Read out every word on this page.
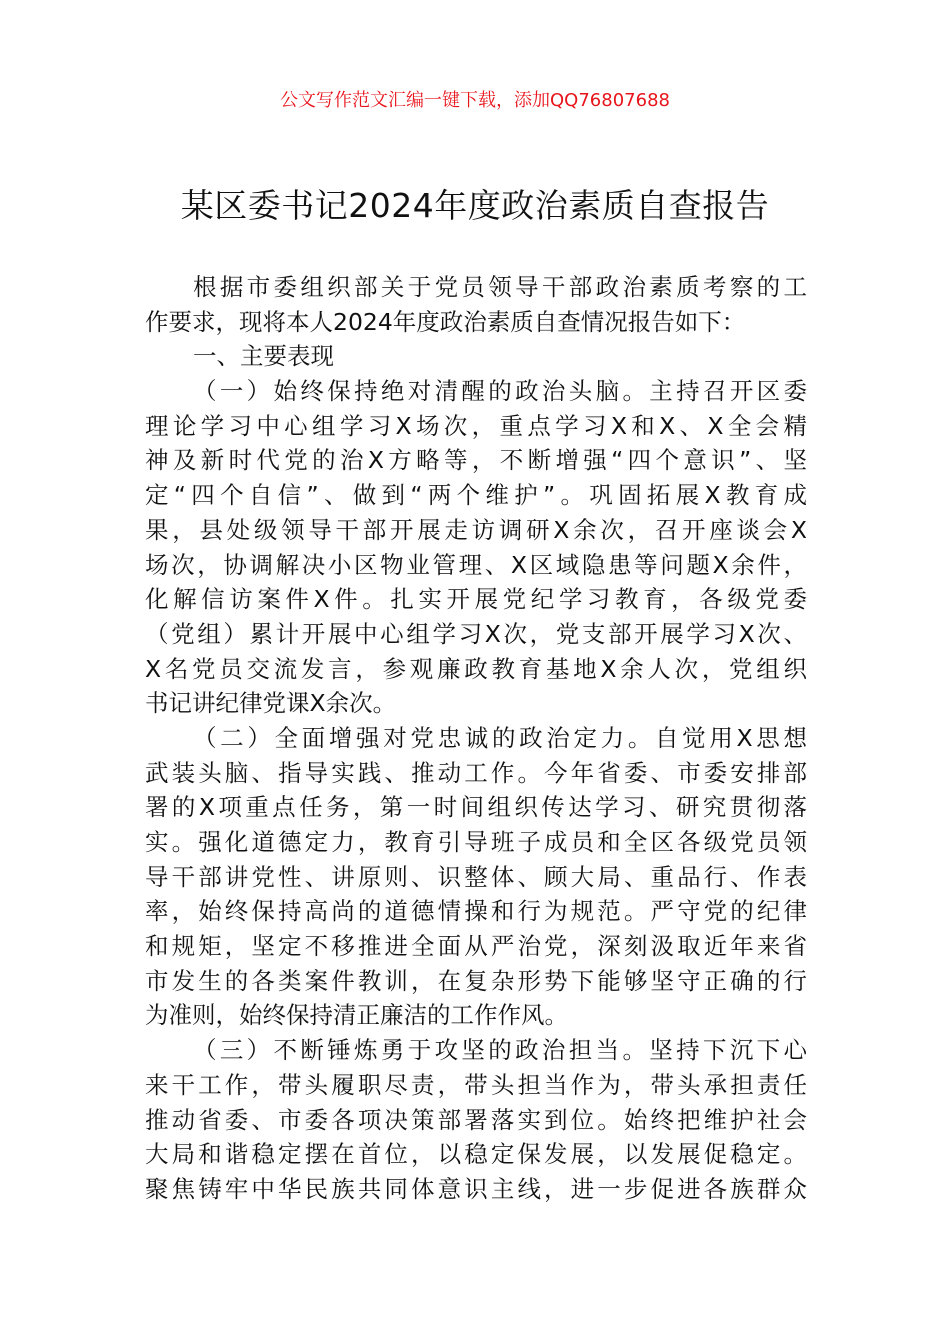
公文写作范文汇编一键下载，添加QQ76807688
某区委书记2024年度政治素质自查报告
根据市委组织部关于党员领导干部政治素质考察的工
作要求，现将本人2024年度政治素质自查情况报告如下：
一、主要表现
（一）始终保持绝对清醒的政治头脑。主持召开区委
理论学习中心组学习X场次，重点学习X和X、X全会精
神及新时代党的治X方略等，不断增强“四个意识”、坚
定“四个自信”、做到“两个维护”。巩固拓展X教育成
果，县处级领导干部开展走访调研X余次，召开座谈会X
场次，协调解决小区物业管理、X区域隐患等问题X余件，
化解信访案件X件。扎实开展党纪学习教育，各级党委
（党组）累计开展中心组学习X次，党支部开展学习X次、
X名党员交流发言，参观廉政教育基地X余人次，党组织
书记讲纪律党课X余次。
（二）全面增强对党忠诚的政治定力。自觉用X思想
武装头脑、指导实践、推动工作。今年省委、市委安排部
署的X项重点任务，第一时间组织传达学习、研究贯彻落
实。强化道德定力，教育引导班子成员和全区各级党员领
导干部讲党性、讲原则、识整体、顾大局、重品行、作表
率，始终保持高尚的道德情操和行为规范。严守党的纪律
和规矩，坚定不移推进全面从严治党，深刻汲取近年来省
市发生的各类案件教训，在复杂形势下能够坚守正确的行
为准则，始终保持清正廉洁的工作作风。
（三）不断锤炼勇于攻坚的政治担当。坚持下沉下心
来干工作，带头履职尽责，带头担当作为，带头承担责任
推动省委、市委各项决策部署落实到位。始终把维护社会
大局和谐稳定摆在首位，以稳定保发展，以发展促稳定。
聚焦铸牢中华民族共同体意识主线，进一步促进各族群众
